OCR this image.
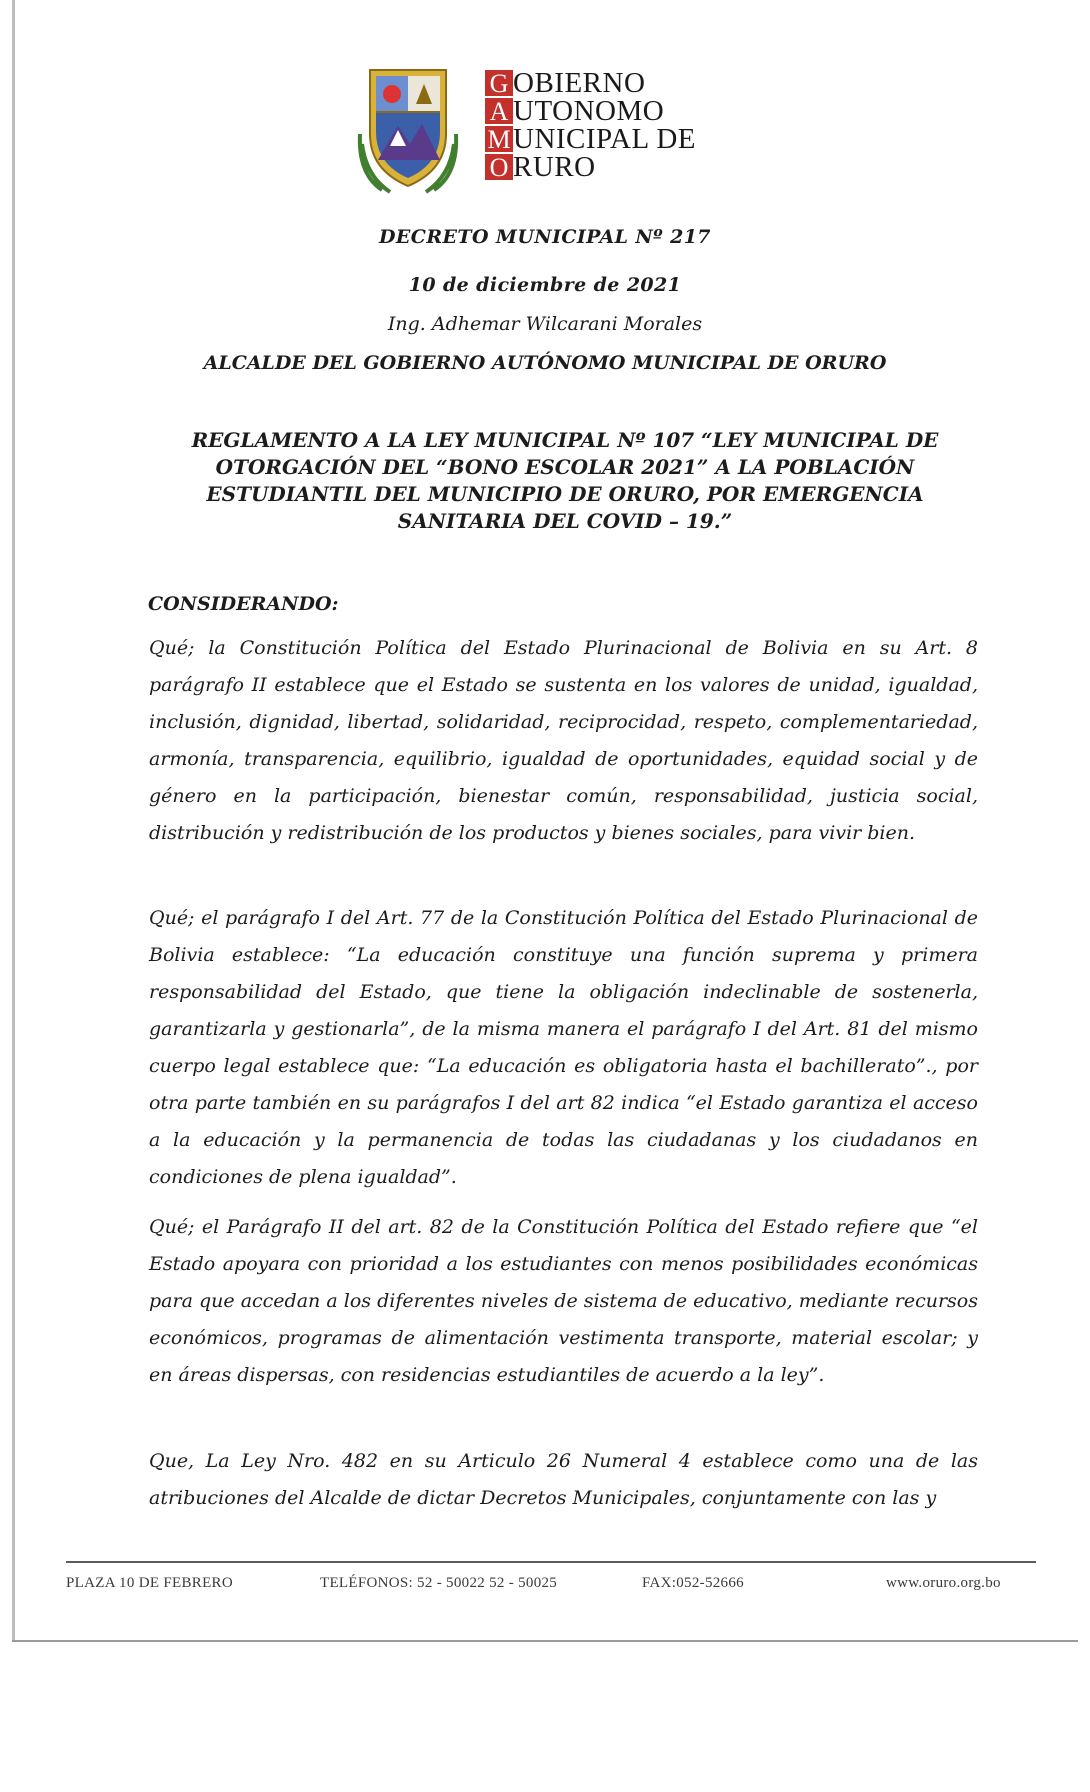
G
A
M
O
OBIERNO
UTONOMO
UNICIPAL DE
RURO
DECRETO MUNICIPAL Nº 217
10 de diciembre de 2021
Ing. Adhemar Wilcarani Morales
ALCALDE DEL GOBIERNO AUTÓNOMO MUNICIPAL DE ORURO
REGLAMENTO A LA LEY MUNICIPAL Nº 107 “LEY MUNICIPAL DE OTORGACIÓN DEL “BONO ESCOLAR 2021” A LA POBLACIÓN ESTUDIANTIL DEL MUNICIPIO DE ORURO, POR EMERGENCIA SANITARIA DEL COVID – 19.”
CONSIDERANDO:

Qué; la Constitución Política del Estado Plurinacional de Bolivia en su Art. 8 parágrafo II establece que el Estado se sustenta en los valores de unidad, igualdad, inclusión, dignidad, libertad, solidaridad, reciprocidad, respeto, complementariedad, armonía, transparencia, equilibrio, igualdad de oportunidades, equidad social y de género en la participación, bienestar común, responsabilidad, justicia social, distribución y redistribución de los productos y bienes sociales, para vivir bien.

Qué; el parágrafo I del Art. 77 de la Constitución Política del Estado Plurinacional de Bolivia establece: “La educación constituye una función suprema y primera responsabilidad del Estado, que tiene la obligación indeclinable de sostenerla, garantizarla y gestionarla”, de la misma manera el parágrafo I del Art. 81 del mismo cuerpo legal establece que: “La educación es obligatoria hasta el bachillerato”., por otra parte también en su parágrafos I del art 82 indica “el Estado garantiza el acceso a la educación y la permanencia de todas las ciudadanas y los ciudadanos en condiciones de plena igualdad”.

Qué; el Parágrafo II del art. 82 de la Constitución Política del Estado refiere que “el Estado apoyara con prioridad a los estudiantes con menos posibilidades económicas para que accedan a los diferentes niveles de sistema de educativo, mediante recursos económicos, programas de alimentación vestimenta transporte, material escolar; y en áreas dispersas, con residencias estudiantiles de acuerdo a la ley”.

Que, La Ley Nro. 482 en su Articulo 26 Numeral 4 establece como una de las atribuciones del Alcalde de dictar Decretos Municipales, conjuntamente con las y

PLAZA 10 DE FEBRERO	TELÉFONOS: 52 - 50022 52 - 50025	FAX:052-52666	www.oruro.org.bo
